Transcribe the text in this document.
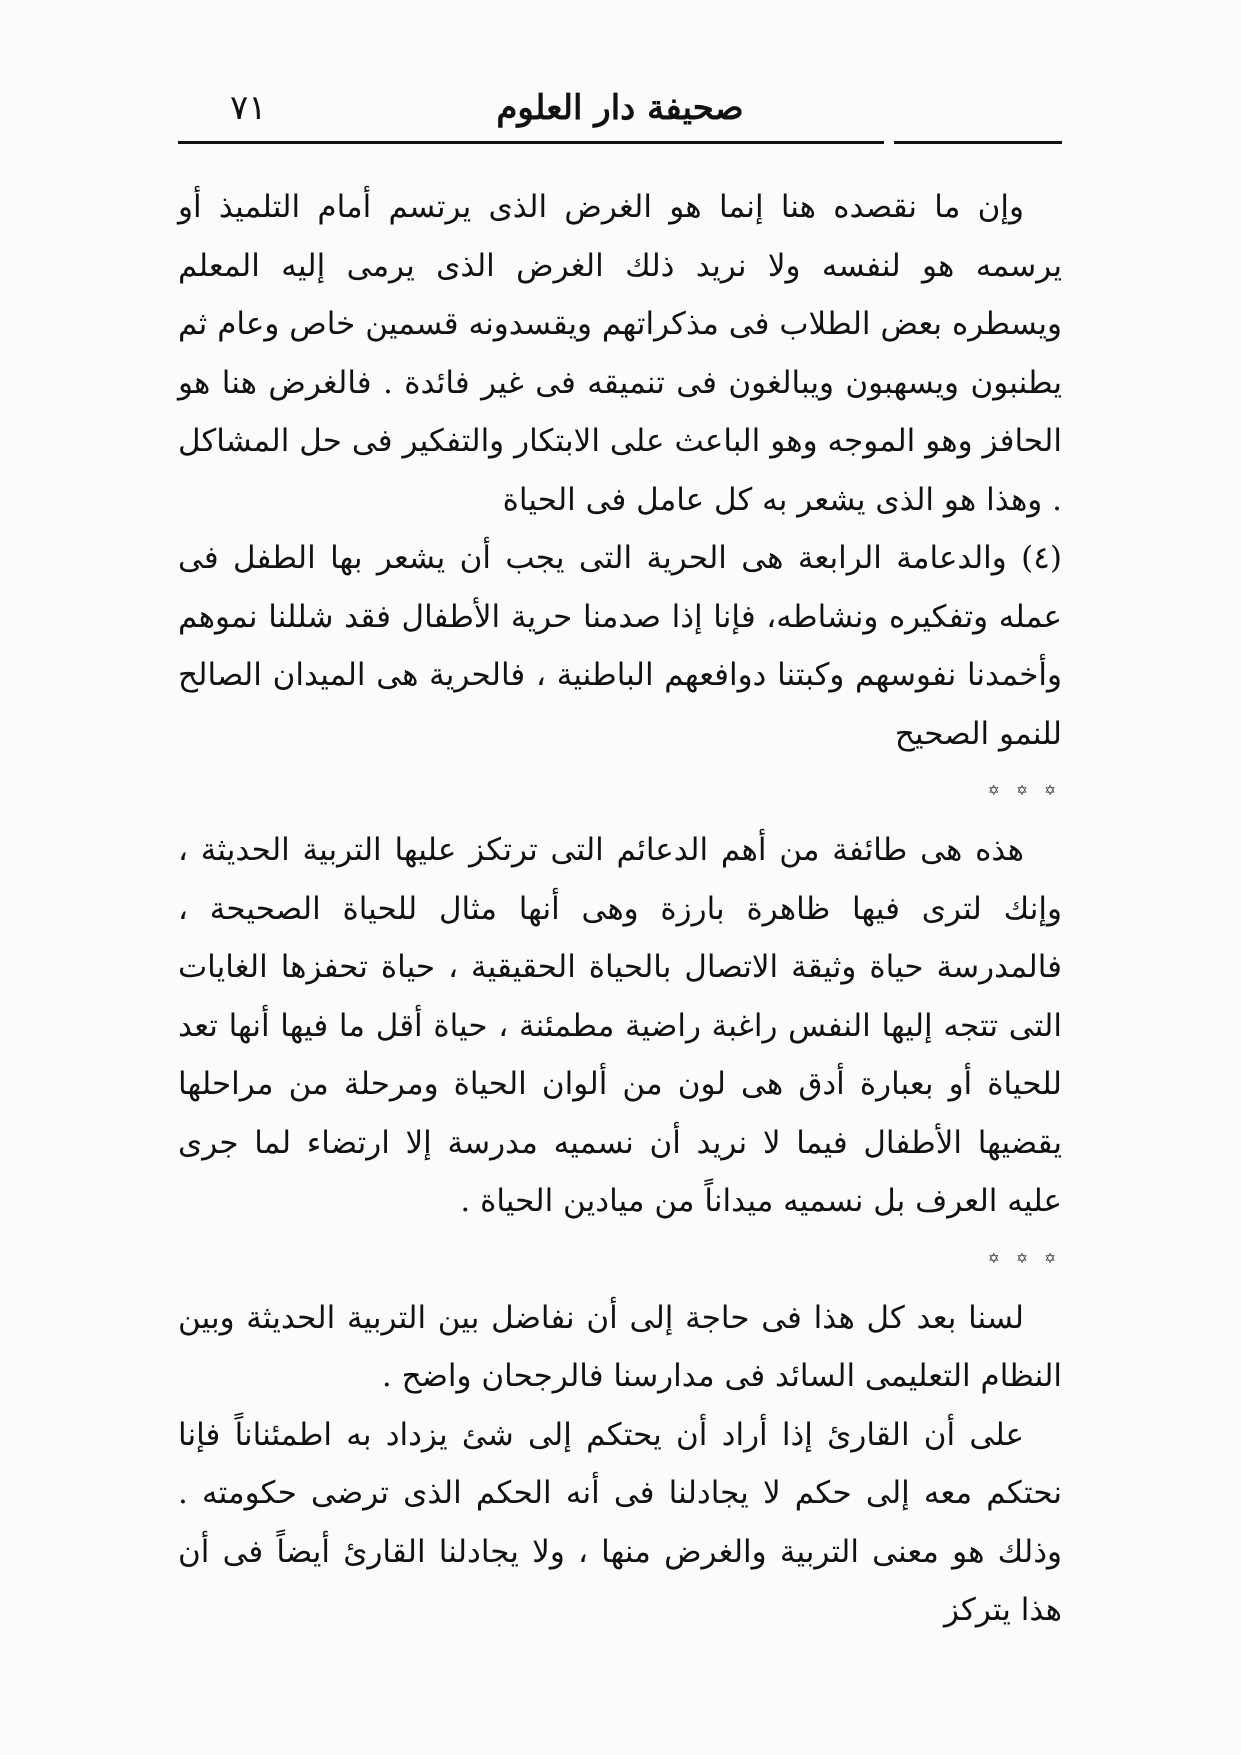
٧١	صحيفة دار العلوم

وإن ما نقصده هنا إنما هو الغرض الذى يرتسم أمام التلميذ أو يرسمه هو لنفسه ولا نريد ذلك الغرض الذى يرمى إليه المعلم ويسطره بعض الطلاب فى مذكراتهم ويقسدونه قسمين خاص وعام ثم يطنبون ويسهبون ويبالغون فى تنميقه فى غير فائدة . فالغرض هنا هو الحافز وهو الموجه وهو الباعث على الابتكار والتفكير فى حل المشاكل . وهذا هو الذى يشعر به كل عامل فى الحياة

(٤) والدعامة الرابعة هى الحرية التى يجب أن يشعر بها الطفل فى عمله وتفكيره ونشاطه، فإنا إذا صدمنا حرية الأطفال فقد شللنا نموهم وأخمدنا نفوسهم وكبتنا دوافعهم الباطنية ، فالحرية هى الميدان الصالح للنمو الصحيح

✡ ✡ ✡

هذه هى طائفة من أهم الدعائم التى ترتكز عليها التربية الحديثة ، وإنك لترى فيها ظاهرة بارزة وهى أنها مثال للحياة الصحيحة ، فالمدرسة حياة وثيقة الاتصال بالحياة الحقيقية ، حياة تحفزها الغايات التى تتجه إليها النفس راغبة راضية مطمئنة ، حياة أقل ما فيها أنها تعد للحياة أو بعبارة أدق هى لون من ألوان الحياة ومرحلة من مراحلها يقضيها الأطفال فيما لا نريد أن نسميه مدرسة إلا ارتضاء لما جرى عليه العرف بل نسميه ميداناً من ميادين الحياة .

✡ ✡ ✡

لسنا بعد كل هذا فى حاجة إلى أن نفاضل بين التربية الحديثة وبين النظام التعليمى السائد فى مدارسنا فالرجحان واضح .

على أن القارئ إذا أراد أن يحتكم إلى شئ يزداد به اطمئناناً فإنا نحتكم معه إلى حكم لا يجادلنا فى أنه الحكم الذى ترضى حكومته . وذلك هو معنى التربية والغرض منها ، ولا يجادلنا القارئ أيضاً فى أن هذا يتركز
